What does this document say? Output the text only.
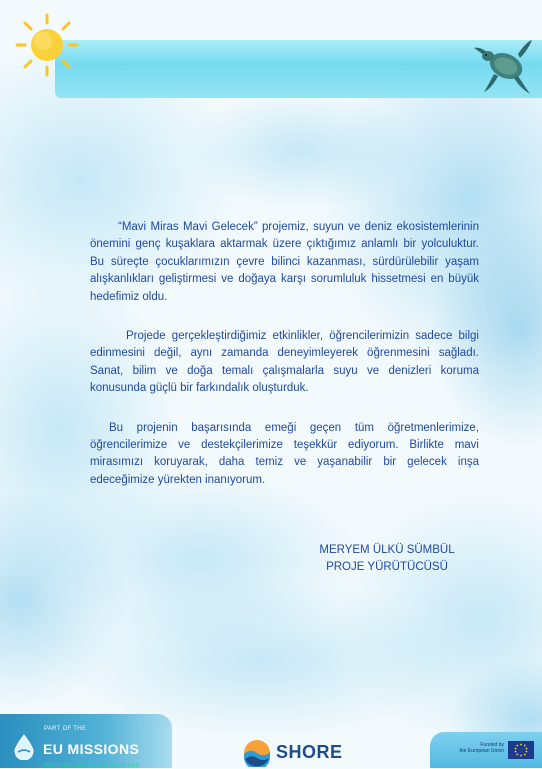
“Mavi Miras Mavi Gelecek” projemiz, suyun ve deniz ekosistemlerinin önemini genç kuşaklara aktarmak üzere çıktığımız anlamlı bir yolculuktur. Bu süreçte çocuklarımızın çevre bilinci kazanması, sürdürülebilir yaşam alışkanlıkları geliştirmesi ve doğaya karşı sorumluluk hissetmesi en büyük hedefimiz oldu.

Projede gerçekleştirdiğimiz etkinlikler, öğrencilerimizin sadece bilgi edinmesini değil, aynı zamanda deneyimleyerek öğrenmesini sağladı. Sanat, bilim ve doğa temalı çalışmalarla suyu ve denizleri koruma konusunda güçlü bir farkındalık oluşturduk.

Bu projenin başarısında emeği geçen tüm öğretmenlerimize, öğrencilerimize ve destekçilerimize teşekkür ediyorum. Birlikte mavi mirasımızı koruyarak, daha temiz ve yaşanabilir bir gelecek inşa edeceğimize yürekten inanıyorum.

MERYEM ÜLKÜ SÜMBÜL
PROJE YÜRÜTÜCÜSÜ
PART OF THE
EU MISSIONS
RESTORE OUR OCEAN & WATERS
SHORE	Funded by
the European Union
